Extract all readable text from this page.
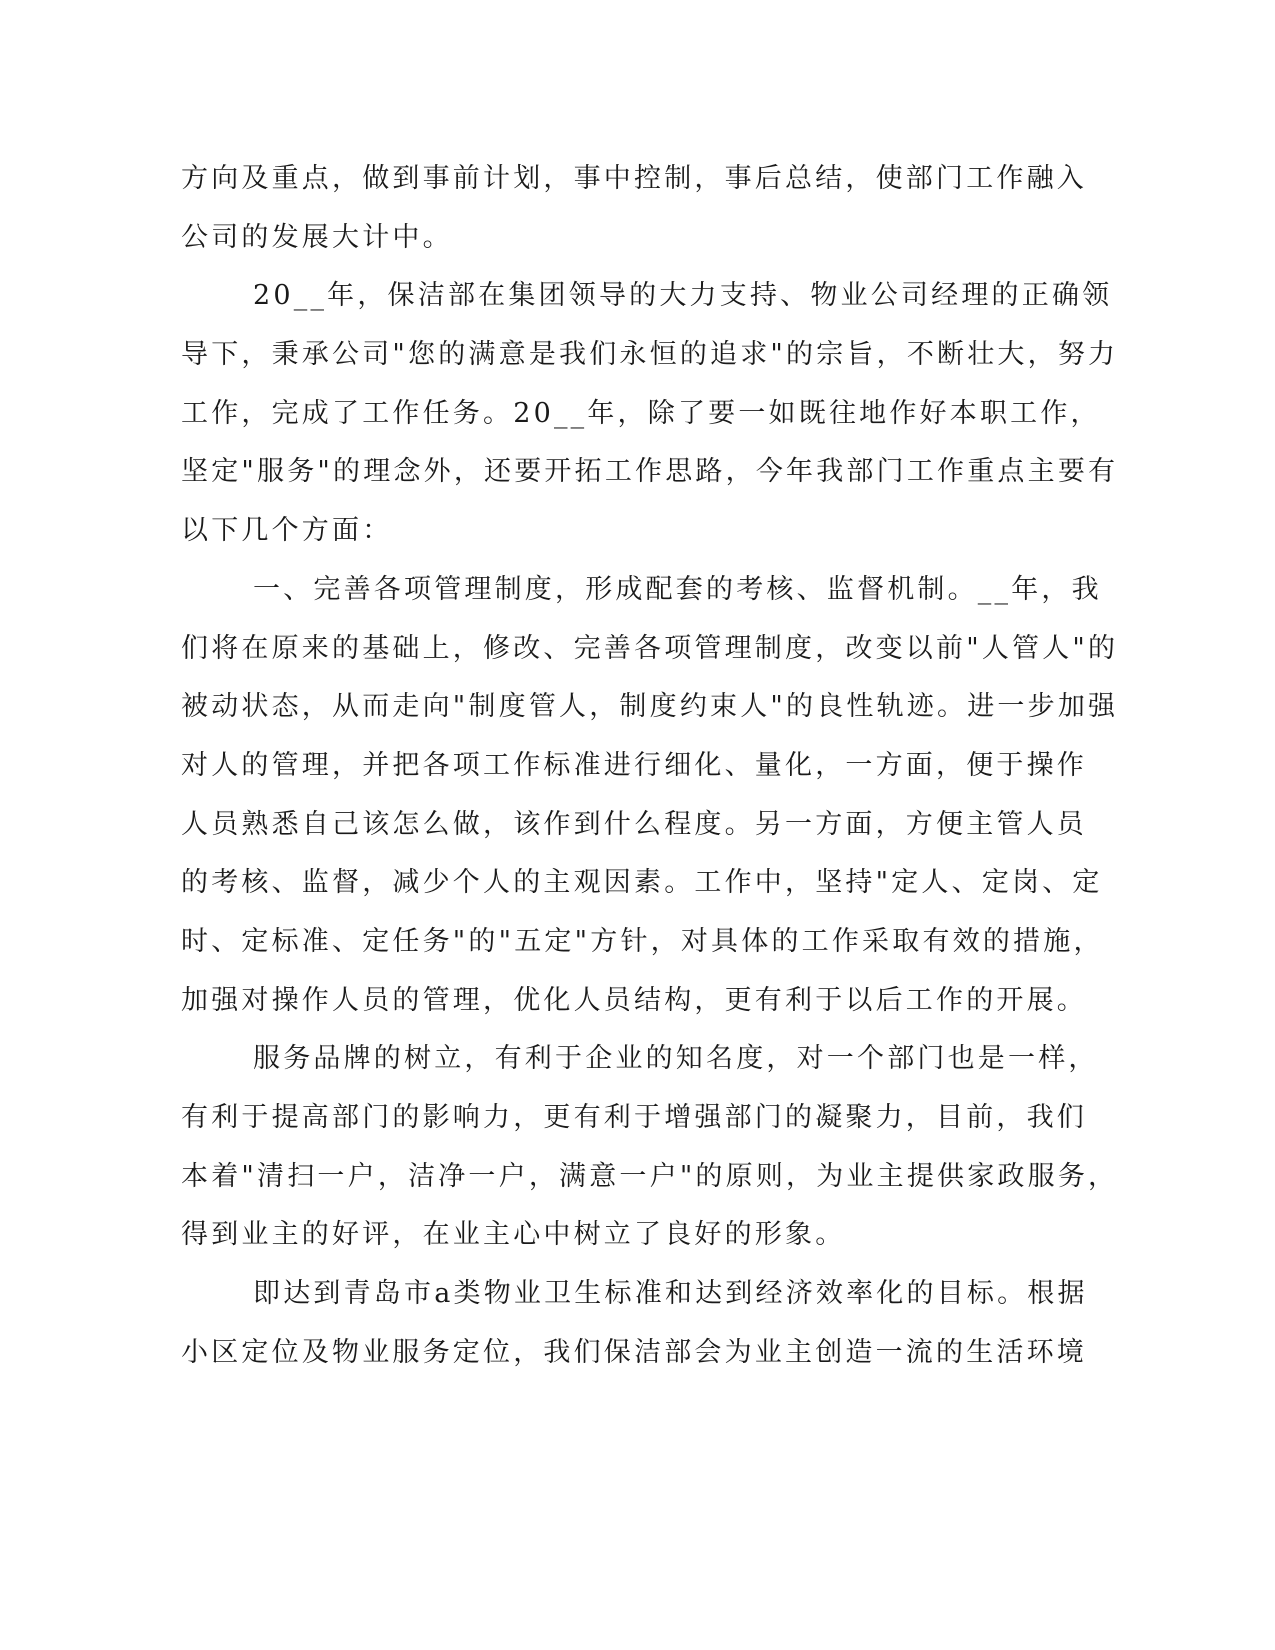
方向及重点，做到事前计划，事中控制，事后总结，使部门工作融入
公司的发展大计中。
20__年，保洁部在集团领导的大力支持、物业公司经理的正确领
导下，秉承公司"您的满意是我们永恒的追求"的宗旨，不断壮大，努力
工作，完成了工作任务。20__年，除了要一如既往地作好本职工作，
坚定"服务"的理念外，还要开拓工作思路，今年我部门工作重点主要有
以下几个方面：
一、完善各项管理制度，形成配套的考核、监督机制。__年，我
们将在原来的基础上，修改、完善各项管理制度，改变以前"人管人"的
被动状态，从而走向"制度管人，制度约束人"的良性轨迹。进一步加强
对人的管理，并把各项工作标准进行细化、量化，一方面，便于操作
人员熟悉自己该怎么做，该作到什么程度。另一方面，方便主管人员
的考核、监督，减少个人的主观因素。工作中，坚持"定人、定岗、定
时、定标准、定任务"的"五定"方针，对具体的工作采取有效的措施，
加强对操作人员的管理，优化人员结构，更有利于以后工作的开展。
服务品牌的树立，有利于企业的知名度，对一个部门也是一样，
有利于提高部门的影响力，更有利于增强部门的凝聚力，目前，我们
本着"清扫一户，洁净一户，满意一户"的原则，为业主提供家政服务，
得到业主的好评，在业主心中树立了良好的形象。
即达到青岛市a类物业卫生标准和达到经济效率化的目标。根据
小区定位及物业服务定位，我们保洁部会为业主创造一流的生活环境
